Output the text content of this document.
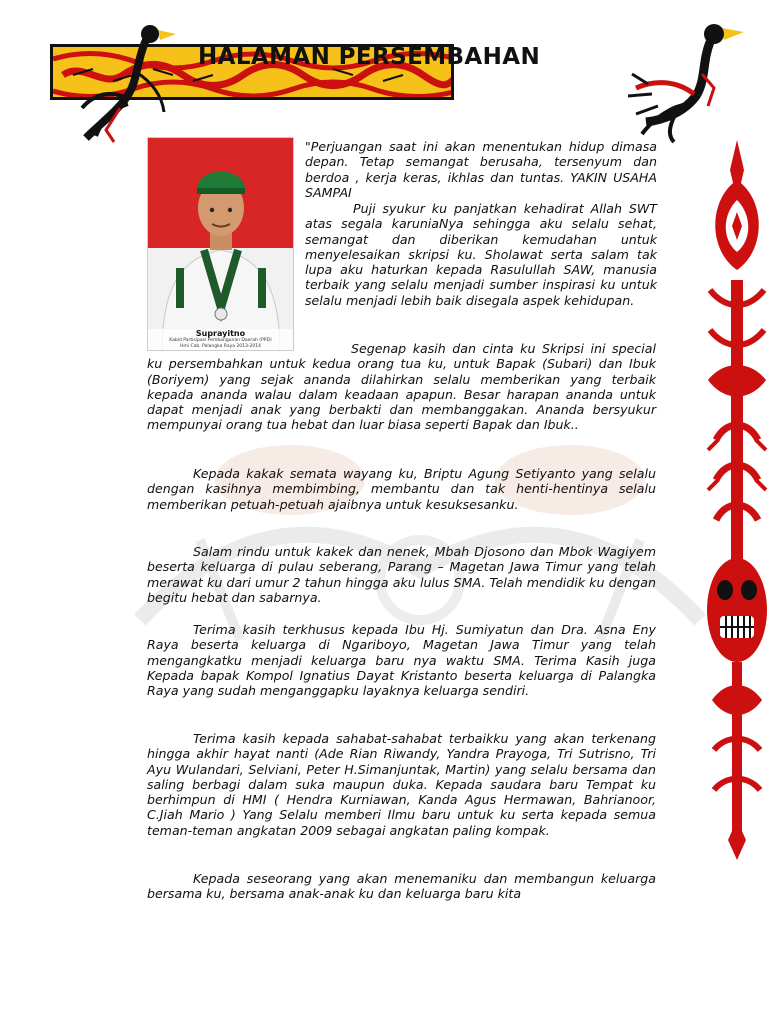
HALAMAN PERSEMBAHAN
Suprayitno
Kabid Partisipasi Pembangunan Daerah (PPD)
Hmi Cab. Palangka Raya 2013-2014

"Perjuangan saat ini akan menentukan hidup dimasa depan. Tetap semangat berusaha, tersenyum dan berdoa , kerja keras, ikhlas dan tuntas. YAKIN USAHA SAMPAI

Puji syukur ku panjatkan kehadirat Allah SWT atas segala karuniaNya sehingga aku selalu sehat, semangat dan diberikan kemudahan untuk menyelesaikan skripsi ku. Sholawat serta salam tak lupa aku haturkan kepada Rasulullah SAW, manusia terbaik yang selalu menjadi sumber inspirasi ku untuk selalu menjadi lebih baik disegala aspek kehidupan.

Segenap kasih dan cinta ku Skripsi ini special ku persembahkan untuk kedua orang tua ku, untuk Bapak (Subari) dan Ibuk (Boriyem) yang sejak ananda dilahirkan selalu memberikan yang terbaik kepada ananda walau dalam keadaan apapun. Besar harapan ananda untuk dapat menjadi anak yang berbakti dan membanggakan. Ananda bersyukur mempunyai orang tua hebat dan luar biasa seperti Bapak dan Ibuk..

Kepada kakak semata wayang ku, Briptu Agung Setiyanto yang selalu dengan kasihnya membimbing, membantu dan tak henti-hentinya selalu memberikan petuah-petuah ajaibnya untuk kesuksesanku.

Salam rindu untuk kakek dan nenek, Mbah Djosono dan Mbok Wagiyem beserta keluarga di pulau seberang, Parang – Magetan Jawa Timur yang telah merawat ku dari umur 2 tahun hingga aku lulus SMA. Telah mendidik ku dengan begitu hebat dan sabarnya.

Terima kasih terkhusus kepada Ibu Hj. Sumiyatun dan Dra. Asna Eny Raya beserta keluarga di Ngariboyo, Magetan Jawa Timur yang telah mengangkatku menjadi keluarga baru nya waktu SMA. Terima Kasih juga Kepada bapak Kompol Ignatius Dayat Kristanto beserta keluarga di Palangka Raya yang sudah menganggapku layaknya keluarga sendiri.

Terima kasih kepada sahabat-sahabat terbaikku yang akan terkenang hingga akhir hayat nanti (Ade Rian Riwandy, Yandra Prayoga, Tri Sutrisno, Tri Ayu Wulandari, Selviani, Peter H.Simanjuntak, Martin) yang selalu bersama dan saling berbagi dalam suka maupun duka. Kepada saudara baru Tempat ku berhimpun di HMI ( Hendra Kurniawan, Kanda Agus Hermawan, Bahrianoor, C.Jiah Mario ) Yang Selalu memberi Ilmu baru untuk ku serta kepada semua teman-teman angkatan 2009 sebagai angkatan paling kompak.

Kepada seseorang yang akan menemaniku dan membangun keluarga bersama ku, bersama anak-anak ku dan keluarga baru kita
